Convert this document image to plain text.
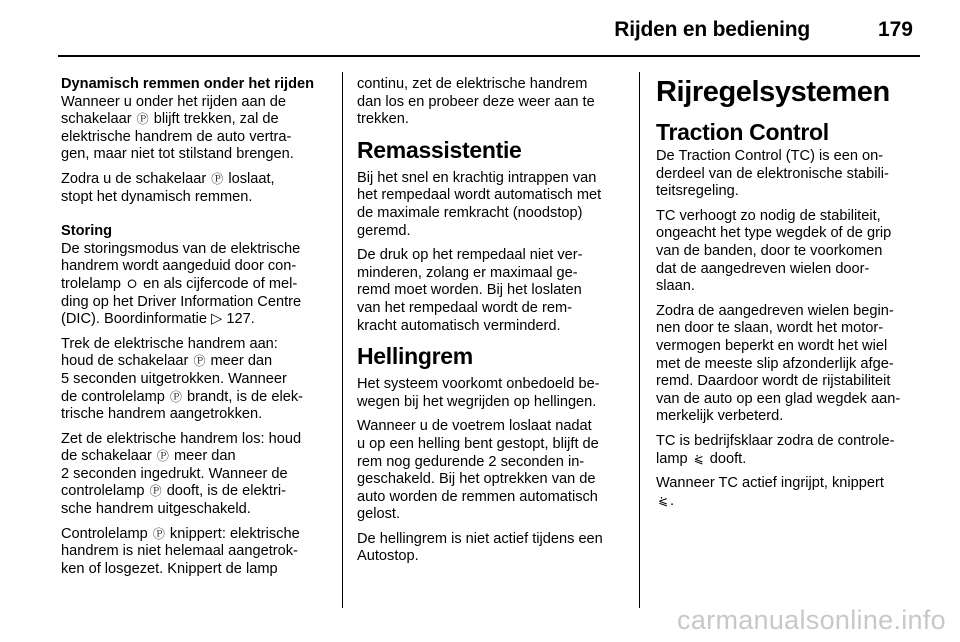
Rijden en bediening	179
Dynamisch remmen onder het rijden
Wanneer u onder het rijden aan de
schakelaar Ⓟ blijft trekken, zal de
elektrische handrem de auto vertra-
gen, maar niet tot stilstand brengen.
Zodra u de schakelaar Ⓟ loslaat,
stopt het dynamisch remmen.
Storing
De storingsmodus van de elektrische
handrem wordt aangeduid door con-
trolelamp ⭘ en als cijfercode of mel-
ding op het Driver Information Centre
(DIC). Boordinformatie ▷ 127.
Trek de elektrische handrem aan:
houd de schakelaar Ⓟ meer dan
5 seconden uitgetrokken. Wanneer
de controlelamp Ⓟ brandt, is de elek-
trische handrem aangetrokken.
Zet de elektrische handrem los: houd
de schakelaar Ⓟ meer dan
2 seconden ingedrukt. Wanneer de
controlelamp Ⓟ dooft, is de elektri-
sche handrem uitgeschakeld.
Controlelamp Ⓟ knippert: elektrische
handrem is niet helemaal aangetrok-
ken of losgezet. Knippert de lamp
continu, zet de elektrische handrem
dan los en probeer deze weer aan te
trekken.
Remassistentie
Bij het snel en krachtig intrappen van
het rempedaal wordt automatisch met
de maximale remkracht (noodstop)
geremd.
De druk op het rempedaal niet ver-
minderen, zolang er maximaal ge-
remd moet worden. Bij het loslaten
van het rempedaal wordt de rem-
kracht automatisch verminderd.
Hellingrem
Het systeem voorkomt onbedoeld be-
wegen bij het wegrijden op hellingen.
Wanneer u de voetrem loslaat nadat
u op een helling bent gestopt, blijft de
rem nog gedurende 2 seconden in-
geschakeld. Bij het optrekken van de
auto worden de remmen automatisch
gelost.
De hellingrem is niet actief tijdens een
Autostop.
Rijregelsystemen
Traction Control
De Traction Control (TC) is een on-
derdeel van de elektronische stabili-
teitsregeling.
TC verhoogt zo nodig de stabiliteit,
ongeacht het type wegdek of de grip
van de banden, door te voorkomen
dat de aangedreven wielen door-
slaan.
Zodra de aangedreven wielen begin-
nen door te slaan, wordt het motor-
vermogen beperkt en wordt het wiel
met de meeste slip afzonderlijk afge-
remd. Daardoor wordt de rijstabiliteit
van de auto op een glad wegdek aan-
merkelijk verbeterd.
TC is bedrijfsklaar zodra de controle-
lamp ⪁ dooft.
Wanneer TC actief ingrijpt, knippert
⪁ .
carmanualsonline.info
